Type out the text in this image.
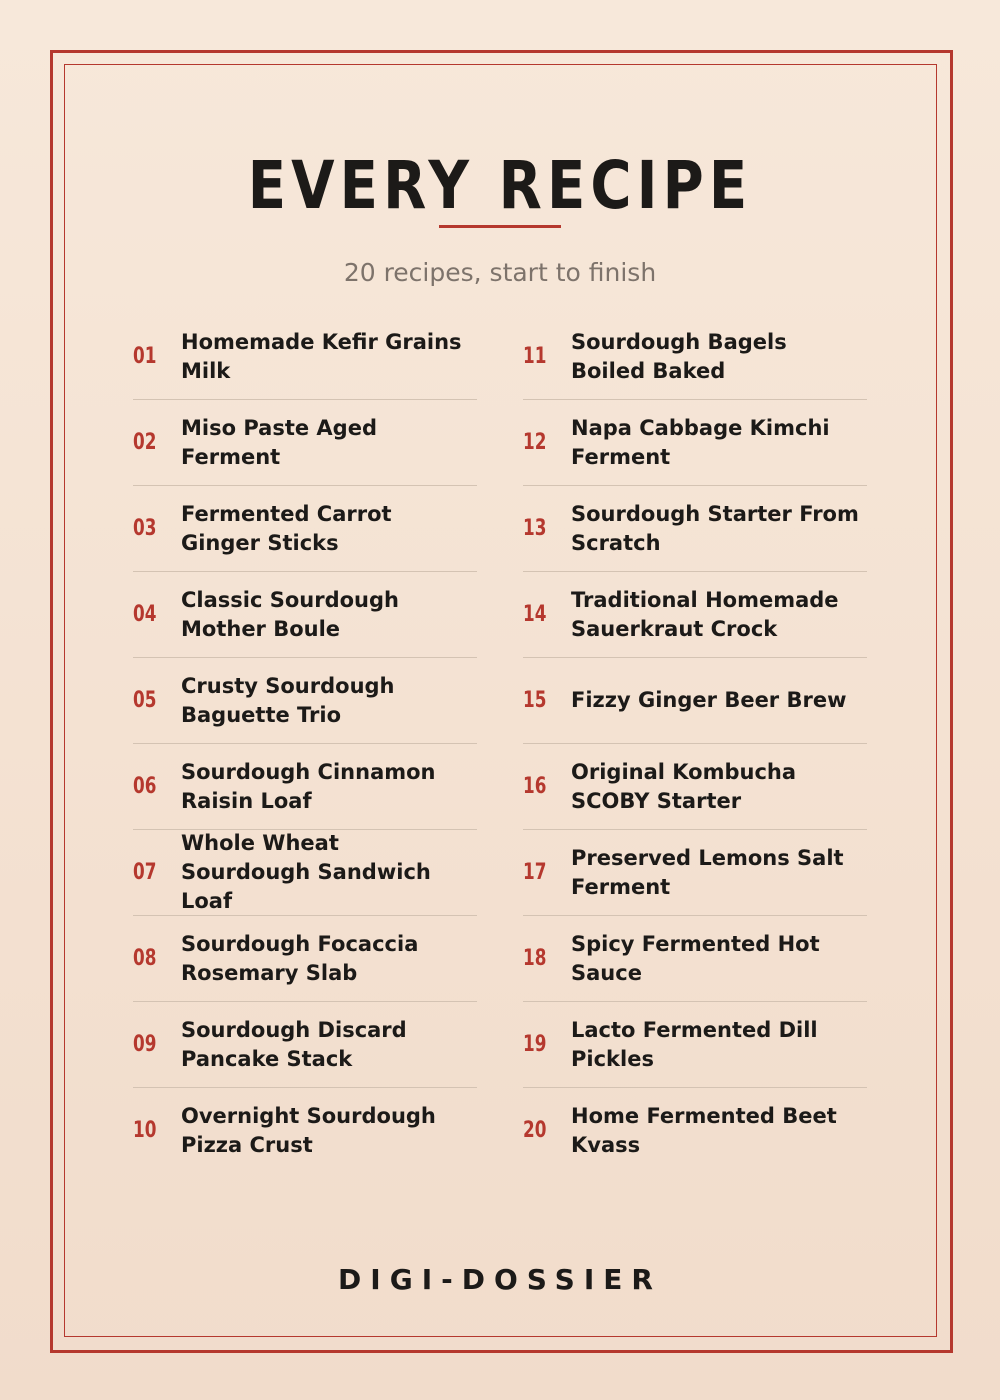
EVERY RECIPE
20 recipes, start to finish
01
Homemade Kefir Grains Milk
02
Miso Paste Aged Ferment
03
Fermented Carrot Ginger Sticks
04
Classic Sourdough Mother Boule
05
Crusty Sourdough Baguette Trio
06
Sourdough Cinnamon Raisin Loaf
07
Whole Wheat Sourdough Sandwich Loaf
08
Sourdough Focaccia Rosemary Slab
09
Sourdough Discard Pancake Stack
10
Overnight Sourdough Pizza Crust
11
Sourdough Bagels Boiled Baked
12
Napa Cabbage Kimchi Ferment
13
Sourdough Starter From Scratch
14
Traditional Homemade Sauerkraut Crock
15	Fizzy Ginger Beer Brew
16
Original Kombucha SCOBY Starter
17
Preserved Lemons Salt Ferment
18
Spicy Fermented Hot Sauce
19
Lacto Fermented Dill Pickles
20
Home Fermented Beet Kvass
DIGI-DOSSIER
